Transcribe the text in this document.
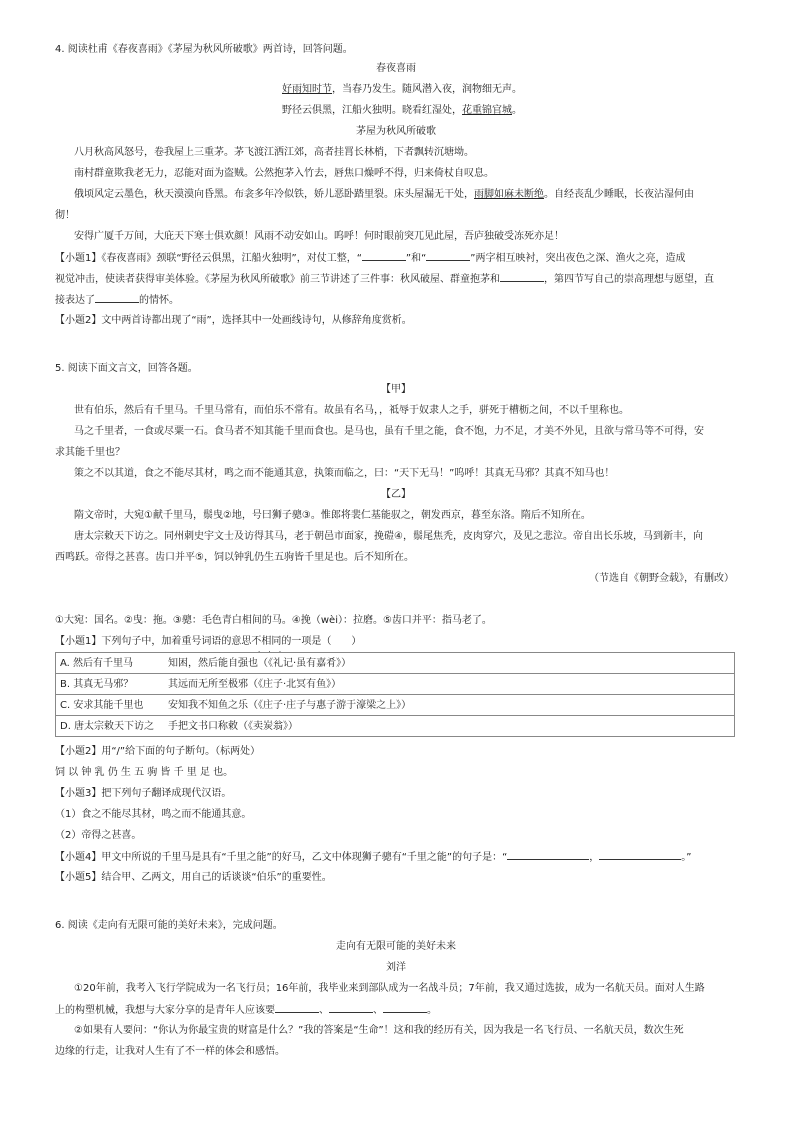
4. 阅读杜甫《春夜喜雨》《茅屋为秋风所破歌》两首诗，回答问题。
春夜喜雨
好雨知时节，当春乃发生。随风潜入夜，润物细无声。
野径云俱黑，江船火独明。晓看红湿处，花重锦官城。
茅屋为秋风所破歌
八月秋高风怒号，卷我屋上三重茅。茅飞渡江洒江郊，高者挂罥长林梢，下者飘转沉塘坳。
南村群童欺我老无力，忍能对面为盗贼。公然抱茅入竹去，唇焦口燥呼不得，归来倚杖自叹息。
俄顷风定云墨色，秋天漠漠向昏黑。布衾多年冷似铁，娇儿恶卧踏里裂。床头屋漏无干处，雨脚如麻未断绝。自经丧乱少睡眠，长夜沾湿何由
彻！
安得广厦千万间，大庇天下寒士俱欢颜！风雨不动安如山。呜呼！何时眼前突兀见此屋，吾庐独破受冻死亦足！
【小题1】《春夜喜雨》颈联“野径云俱黑，江船火独明”，对仗工整，“	”和“	”两字相互映衬，突出夜色之深、渔火之亮，造成
视觉冲击，使读者获得审美体验。《茅屋为秋风所破歌》前三节讲述了三件事：秋风破屋、群童抱茅和	，第四节写自己的崇高理想与愿望，直
接表达了	的情怀。
【小题2】文中两首诗都出现了“雨”，选择其中一处画线诗句，从修辞角度赏析。
5. 阅读下面文言文，回答各题。
【甲】
世有伯乐，然后有千里马。千里马常有，而伯乐不常有。故虽有名马，，祗辱于奴隶人之手，骈死于槽枥之间，不以千里称也。
马之千里者，一食或尽粟一石。食马者不知其能千里而食也。是马也，虽有千里之能，食不饱，力不足，才美不外见，且欲与常马等不可得，安
求其能千里也？
策之不以其道，食之不能尽其材，鸣之而不能通其意，执策而临之，曰：“天下无马！”呜呼！其真无马邪？其真不知马也！
【乙】
隋文帝时，大宛①献千里马，鬃曳②地，号曰狮子骢③。惟郎将裴仁基能驭之，朝发西京，暮至东洛。隋后不知所在。
唐太宗敕天下访之。同州刺史宇文士及访得其马，老于朝邑市面家，挽磑④，鬃尾焦秃，皮肉穿穴，及见之悲泣。帝自出长乐坡，马到新丰，向
西鸣跃。帝得之甚喜。齿口并平⑤，饲以钟乳仍生五驹皆千里足也。后不知所在。
（节选自《朝野佥载》，有删改）
①大宛：国名。②曳：拖。③骢：毛色青白相间的马。④挽（wèi）：拉磨。⑤齿口并平：指马老了。
【小题1】下列句子中，加着重号词语的意思不相同的一项是（　　）
· · ·
A. 然后有千里马	知困，然后能自强也（《礼记·虽有嘉肴》）
B. 其真无马邪？	其远而无所至极邪（《庄子·北冥有鱼》）
C. 安求其能千里也	安知我不知鱼之乐（《庄子·庄子与惠子游于濠梁之上》）
D. 唐太宗敕天下访之	手把文书口称敕（《卖炭翁》）
【小题2】用“/”给下面的句子断句。（标两处）
饲 以 钟 乳 仍 生 五 驹 皆 千 里 足 也。
【小题3】把下列句子翻译成现代汉语。
（1）食之不能尽其材，鸣之而不能通其意。
（2）帝得之甚喜。
【小题4】甲文中所说的千里马是具有“千里之能”的好马，乙文中体现狮子骢有“千里之能”的句子是：“	，	。”
【小题5】结合甲、乙两文，用自己的话谈谈“伯乐”的重要性。
6. 阅读《走向有无限可能的美好未来》，完成问题。
走向有无限可能的美好未来
刘洋
①20年前，我考入飞行学院成为一名飞行员；16年前，我毕业来到部队成为一名战斗员；7年前，我又通过选拔，成为一名航天员。面对人生路
上的构塑机械，我想与大家分享的是青年人应该要	、	、	。
②如果有人要问：“你认为你最宝贵的财富是什么？”我的答案是“生命”！这和我的经历有关，因为我是一名飞行员、一名航天员，数次生死
边缘的行走，让我对人生有了不一样的体会和感悟。
